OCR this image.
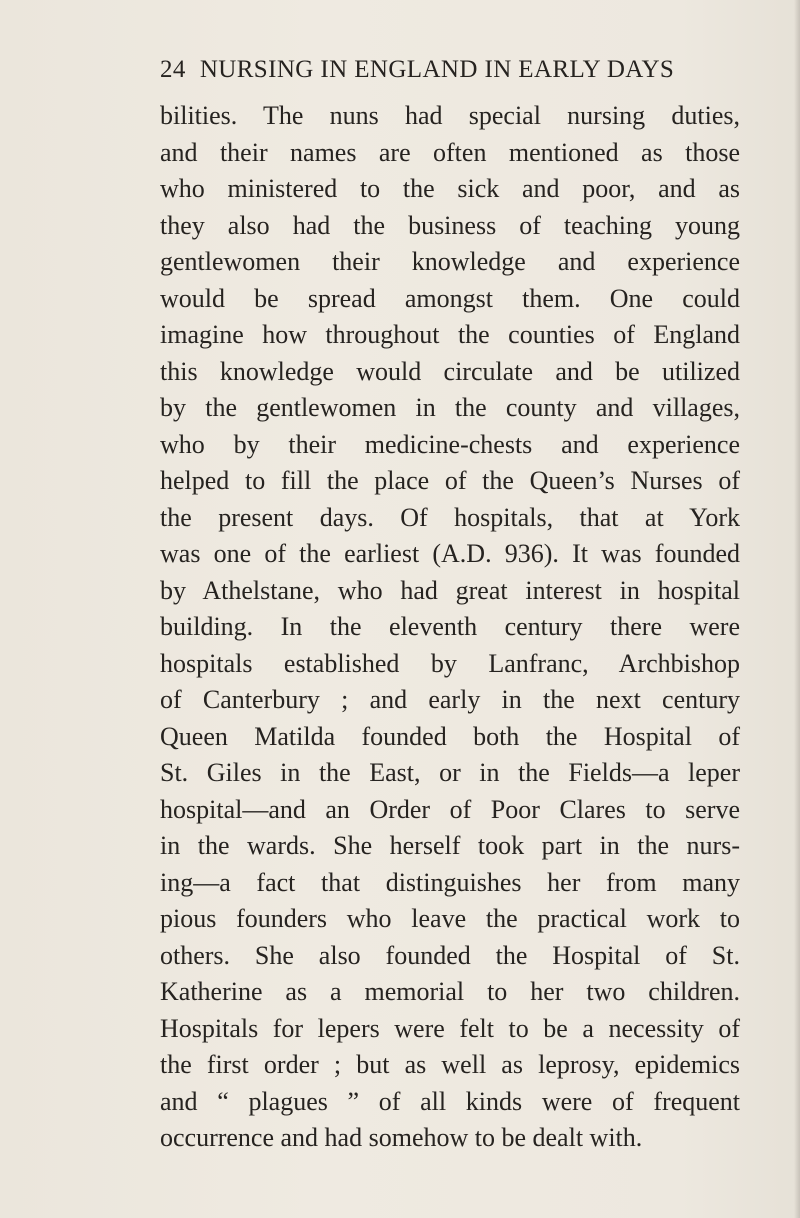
24 NURSING IN ENGLAND IN EARLY DAYS
bilities. The nuns had special nursing duties,
and their names are often mentioned as those
who ministered to the sick and poor, and as
they also had the business of teaching young
gentlewomen their knowledge and experience
would be spread amongst them. One could
imagine how throughout the counties of England
this knowledge would circulate and be utilized
by the gentlewomen in the county and villages,
who by their medicine-chests and experience
helped to fill the place of the Queen’s Nurses of
the present days. Of hospitals, that at York
was one of the earliest (A.D. 936). It was founded
by Athelstane, who had great interest in hospital
building. In the eleventh century there were
hospitals established by Lanfranc, Archbishop
of Canterbury ; and early in the next century
Queen Matilda founded both the Hospital of
St. Giles in the East, or in the Fields—a leper
hospital—and an Order of Poor Clares to serve
in the wards. She herself took part in the nurs-
ing—a fact that distinguishes her from many
pious founders who leave the practical work to
others. She also founded the Hospital of St.
Katherine as a memorial to her two children.
Hospitals for lepers were felt to be a necessity of
the first order ; but as well as leprosy, epidemics
and “ plagues ” of all kinds were of frequent
occurrence and had somehow to be dealt with.
